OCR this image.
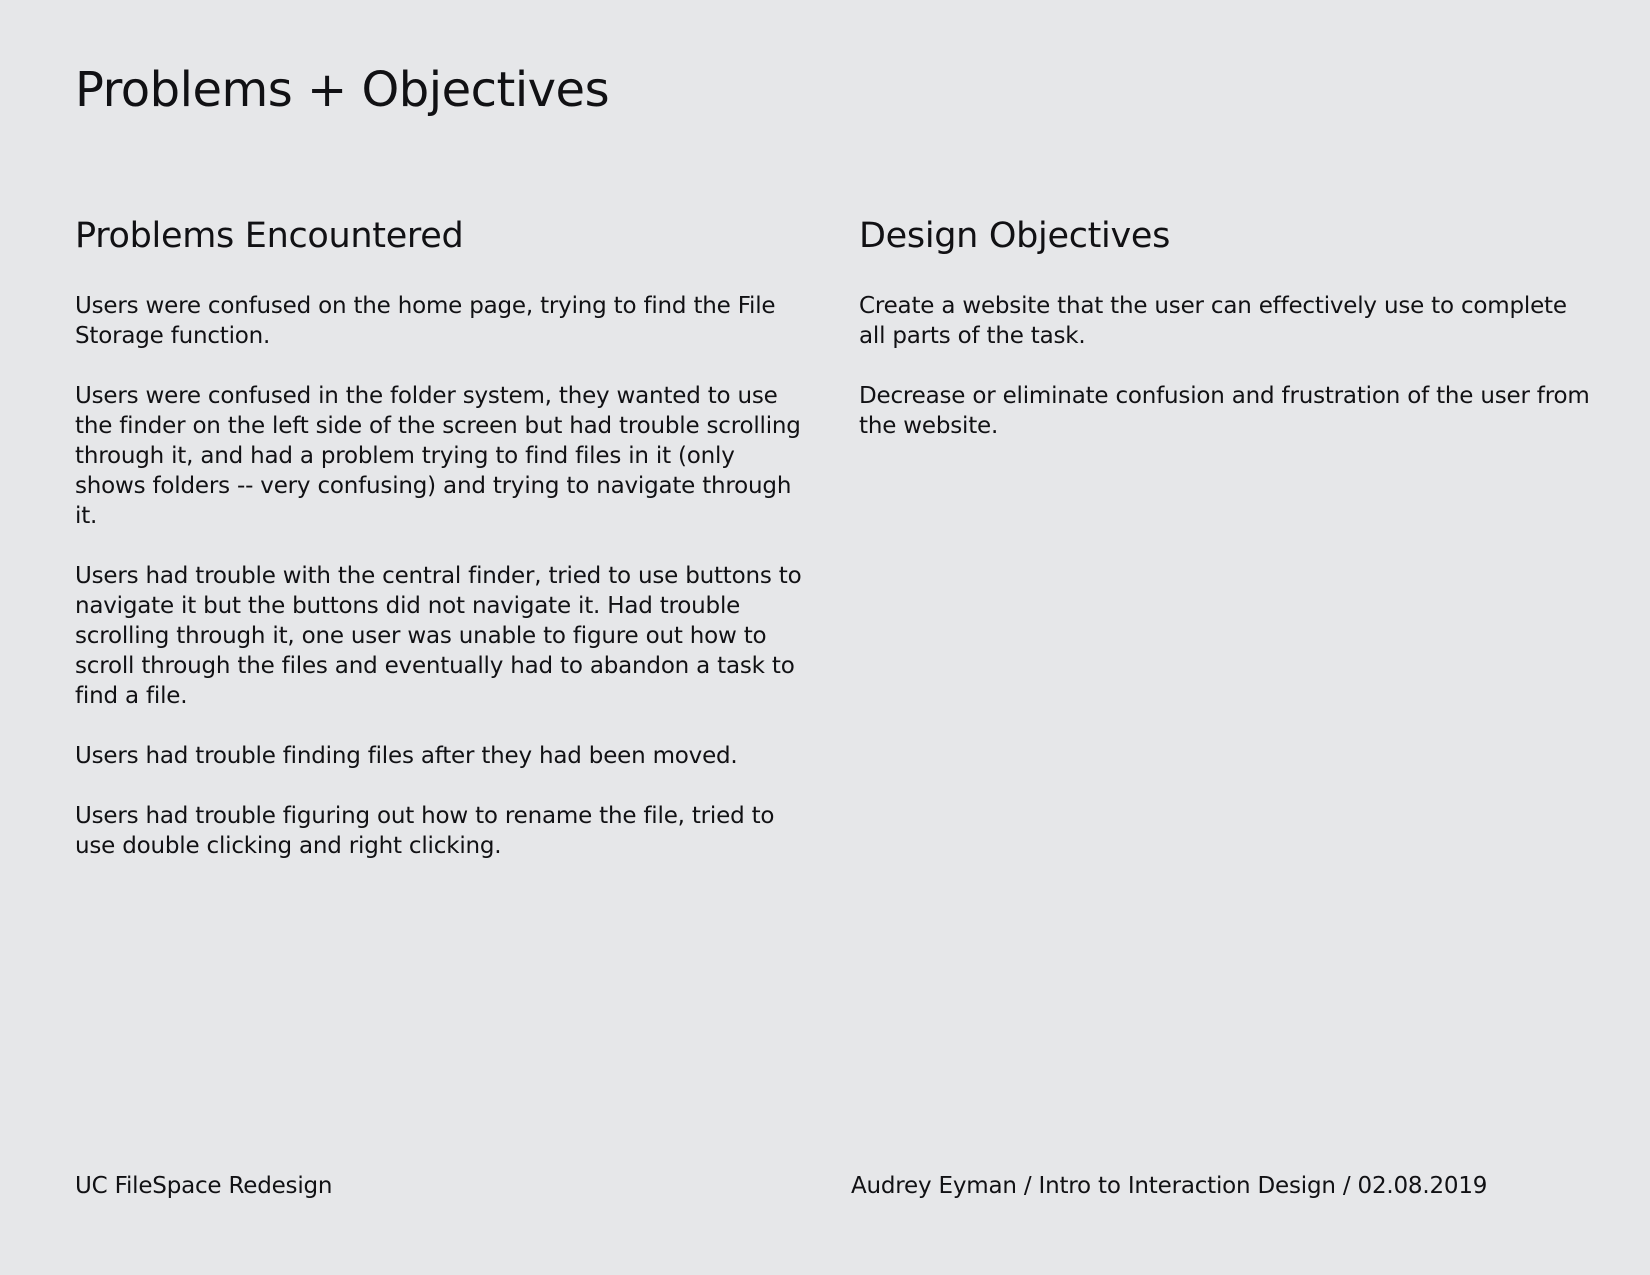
Problems + Objectives
Problems Encountered

Users were confused on the home page, trying to find the File Storage function.

Users were confused in the folder system, they wanted to use the finder on the left side of the screen but had trouble scrolling through it, and had a problem trying to find files in it (only shows folders -- very confusing) and trying to navigate through it.

Users had trouble with the central finder, tried to use buttons to navigate it but the buttons did not navigate it. Had trouble scrolling through it, one user was unable to figure out how to scroll through the files and eventually had to abandon a task to find a file.

Users had trouble finding files after they had been moved.

Users had trouble figuring out how to rename the file, tried to use double clicking and right clicking.

Design Objectives

Create a website that the user can effectively use to complete all parts of the task.

Decrease or eliminate confusion and frustration of the user from the website.

UC FileSpace Redesign	Audrey Eyman / Intro to Interaction Design / 02.08.2019
